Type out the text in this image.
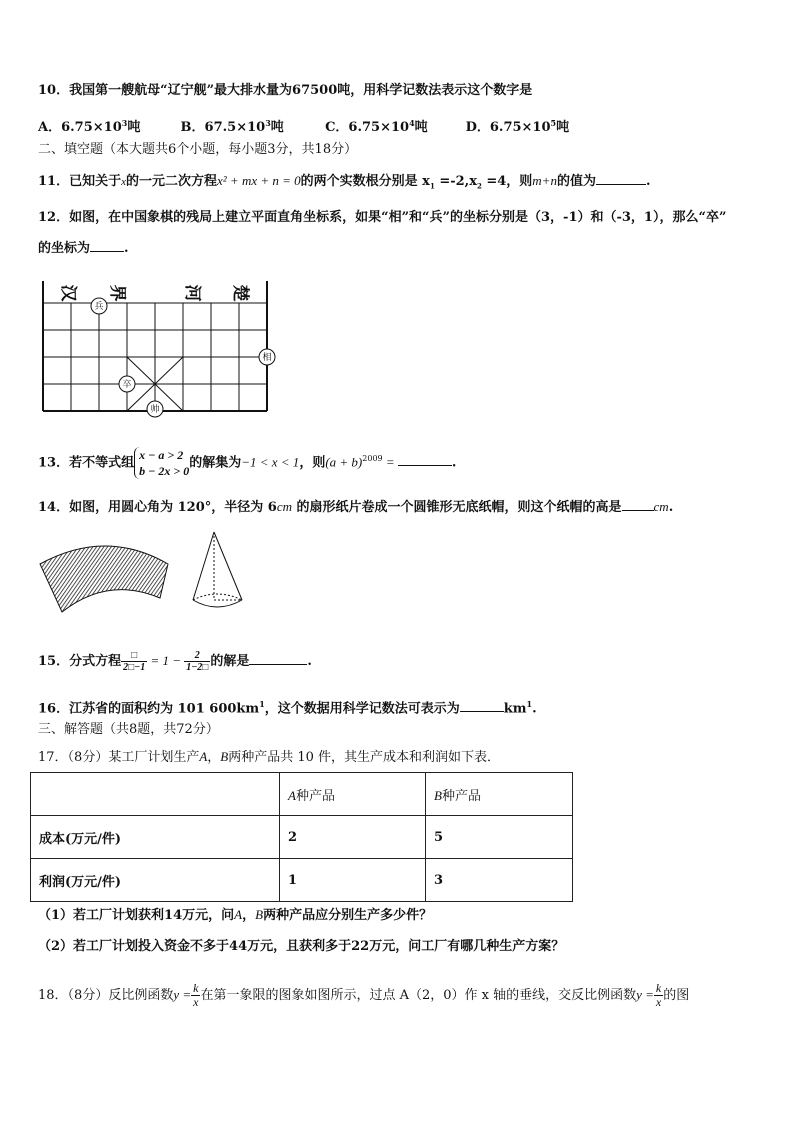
10．我国第一艘航母“辽宁舰”最大排水量为67500吨，用科学记数法表示这个数字是
A．$6.75\times 10^3$吨	B．$67.5\times 10^3$吨	C．$6.75\times 10^4$吨	D．$6.75\times 10^5$吨
二、填空题（本大题共6个小题，每小题3分，共18分）
11．已知关于x的一元二次方程x² + mx + n = 0的两个实数根分别是 $x_1 =-2,x_2 =4$，则m+n的值为	.
12．如图，在中国象棋的残局上建立平面直角坐标系，如果“相”和“兵”的坐标分别是（3，-1）和（-3，1），那么“卒”
的坐标为	.
汉 界	河 楚
兵
相
卒
帅
13．若不等式组
x − a > 2
b − 2x > 0
的解集为−1 < x < 1，则$(a + b)^{2009}$ =	.
14．如图，用圆心角为 120°，半径为 6cm 的扇形纸片卷成一个圆锥形无底纸帽，则这个纸帽的高是 cm.
15．分式方程 $\frac{□}{2□-1} = 1 - \frac{2}{1-2□}$ 的解是	.
16．江苏省的面积约为 101 $600km^1$，这个数据用科学记数法可表示为	$km^1$.
三、解答题（共8题，共72分）
17．（8分）某工厂计划生产A，B两种产品共 10 件，其生产成本和利润如下表．
	A种产品	B种产品
成本(万元/件)	2	5
利润(万元/件)	1	3
（1）若工厂计划获利14万元，问A，B两种产品应分别生产多少件？
（2）若工厂计划投入资金不多于44万元，且获利多于22万元，问工厂有哪几种生产方案？
18．（8分）反比例函数$y = \frac{k}{x}$ 在第一象限的图象如图所示，过点 A（2，0）作 x 轴的垂线，交反比例函数$y = \frac{k}{x}$ 的图
